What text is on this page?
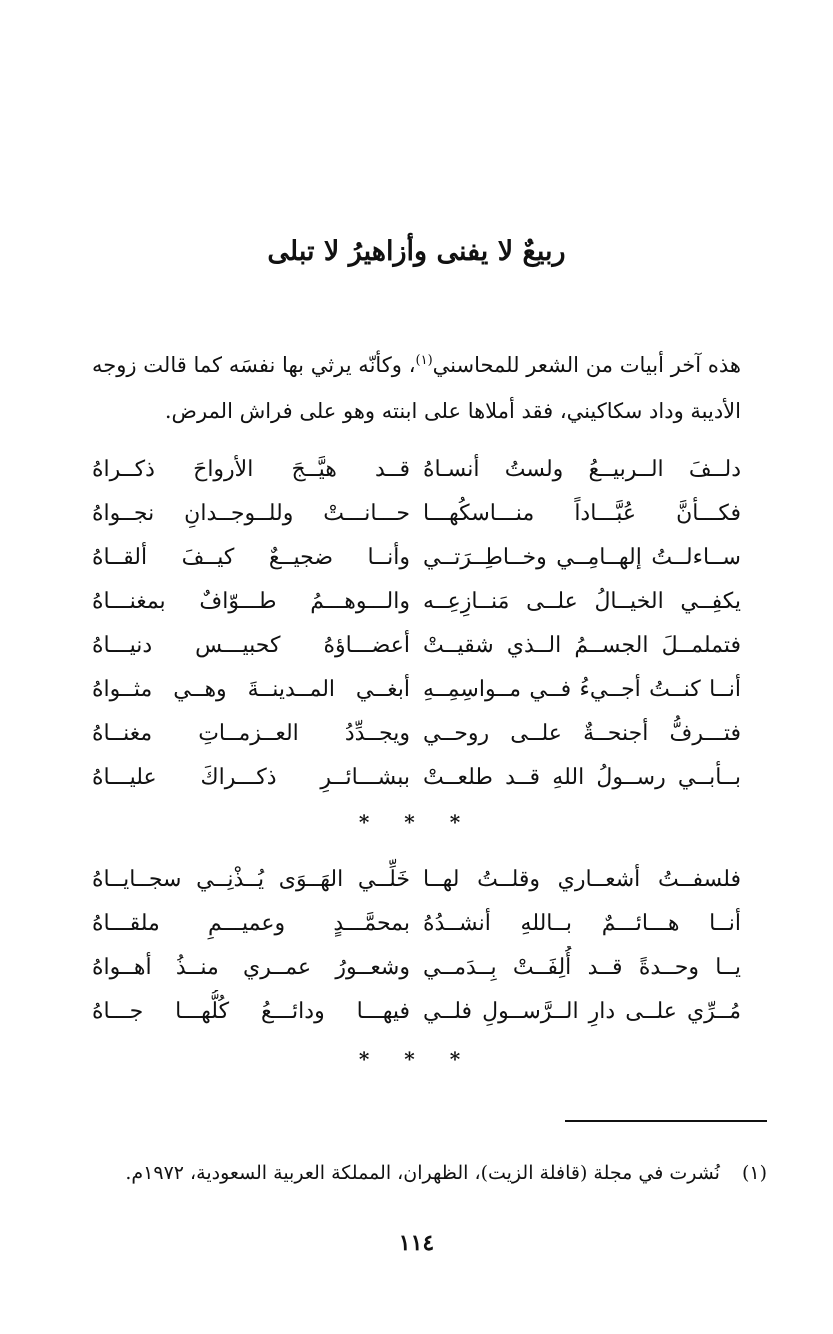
ربيعٌ لا يفنى وأزاهيرُ لا تبلى

هذه آخر أبيات من الشعر للمحاسني$^{(١)}$، وكأنّه يرثي بها نفسَه كما قالت زوجه الأديبة وداد سكاكيني، فقد أملاها على ابنته وهو على فراش المرض.

دلــفَ الــربيــعُ ولستُ أنسـاهُ
قــد هيَّــجَ الأرواحَ ذكــراهُ
فكـــأنَّ عُبَّـــاداً منـــاسكُهـــا
حـــانـــتْ وللــوجــدانِ نجــواهُ
ســاءلــتُ إلهــامِــي وخــاطِــرَتــي
وأنــا ضجيــعٌ كيــفَ ألقــاهُ
يكفِــي الخيــالُ علــى مَنــازِعِــه
والـــوهـــمُ طـــوّافٌ بمغنـــاهُ
فتملمــلَ الجســمُ الــذي شقيــتْ
أعضـــاؤهُ كحبيـــس دنيـــاهُ
أنــا كنــتُ أجــيءُ فــي مــواسِمِــهِ
أبغــي المــدينــةَ وهــي مثــواهُ
فتـــرفُّ أجنحــةٌ علــى روحــي
ويجــدِّدُ العــزمــاتِ مغنــاهُ
بــأبــي رســولُ اللهِ قــد طلعــتْ
ببشـــائــرِ ذكـــراكَ عليـــاهُ
* * *
فلسفــتُ أشعــاري وقلــتُ لهــا
خَلِّــي الهَــوَى يُــذْنِــي سجــايــاهُ
أنــا هـــائـــمٌ بــاللهِ أنشــدُهُ
بمحمَّـــدٍ وعميـــمِ ملقـــاهُ
يــا وحــدةً قــد أُلِفَــتْ بِــدَمــي
وشعــورُ عمــري منــذُ أهــواهُ
مُــرِّي علــى دارِ الــرَّســولِ فلــي
فيهـــا ودائـــعُ كُلُّهـــا جـــاهُ
* * *

(١)نُشرت في مجلة (قافلة الزيت)، الظهران، المملكة العربية السعودية، ١٩٧٢م.

١١٤
